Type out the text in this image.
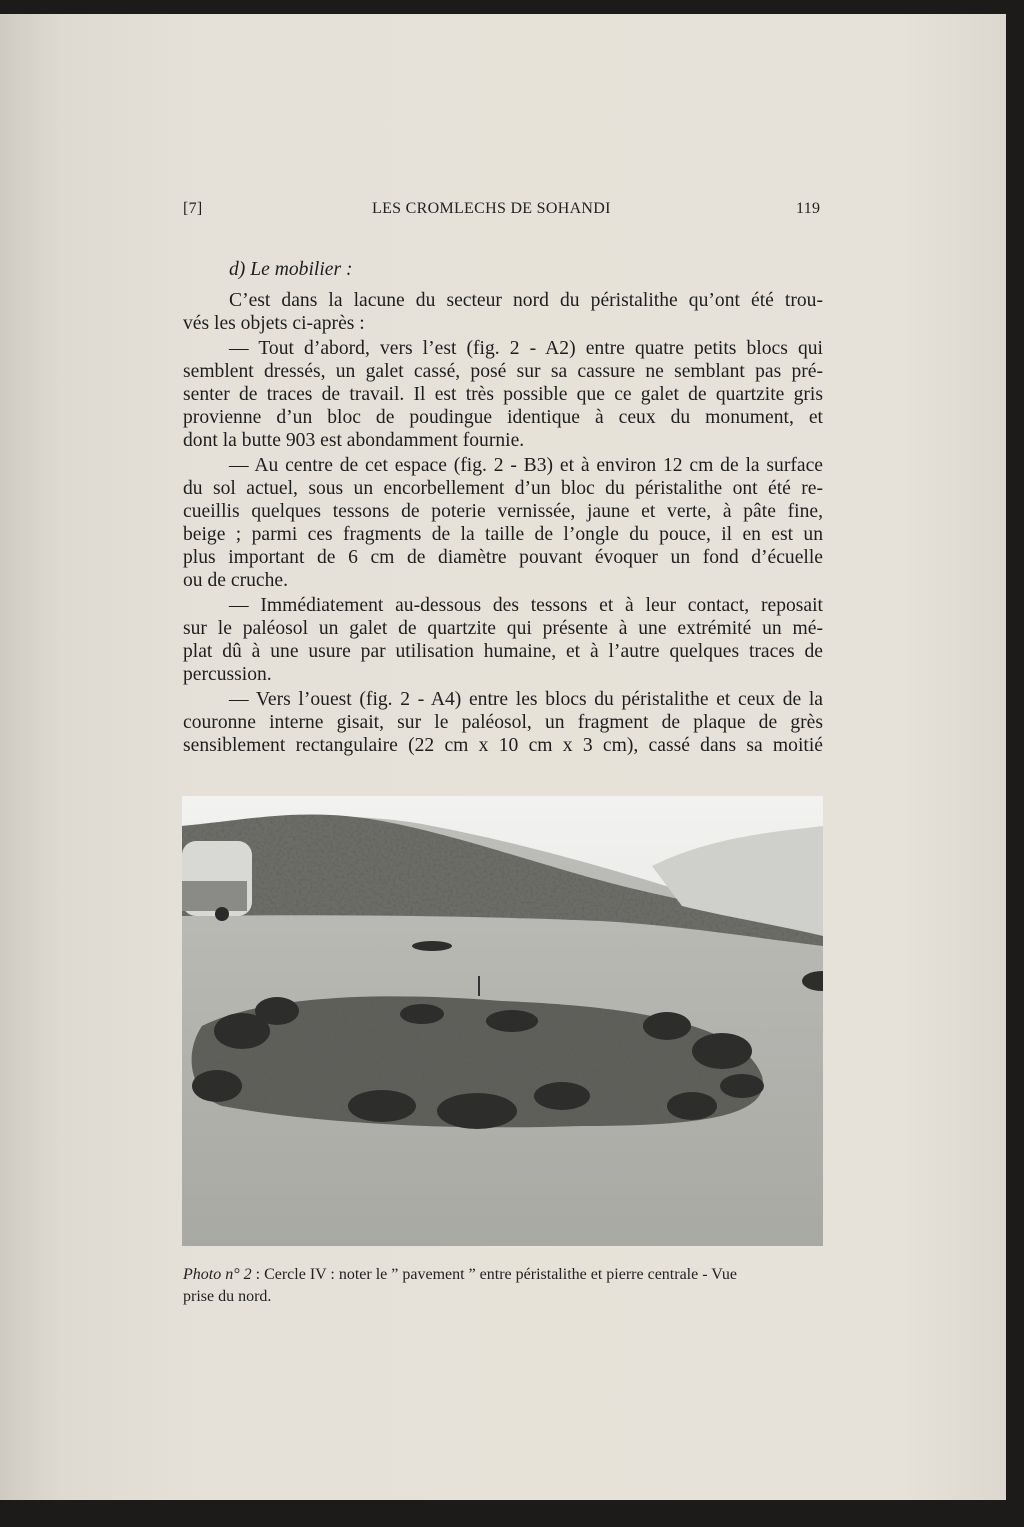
[7]	LES CROMLECHS DE SOHANDI	119
d) Le mobilier :
C’est dans la lacune du secteur nord du péristalithe qu’ont été trou-
vés les objets ci-après :
— Tout d’abord, vers l’est (fig. 2 - A2) entre quatre petits blocs qui
semblent dressés, un galet cassé, posé sur sa cassure ne semblant pas pré-
senter de traces de travail. Il est très possible que ce galet de quartzite gris
provienne d’un bloc de poudingue identique à ceux du monument, et
dont la butte 903 est abondamment fournie.
— Au centre de cet espace (fig. 2 - B3) et à environ 12 cm de la surface
du sol actuel, sous un encorbellement d’un bloc du péristalithe ont été re-
cueillis quelques tessons de poterie vernissée, jaune et verte, à pâte fine,
beige ; parmi ces fragments de la taille de l’ongle du pouce, il en est un
plus important de 6 cm de diamètre pouvant évoquer un fond d’écuelle
ou de cruche.
— Immédiatement au-dessous des tessons et à leur contact, reposait
sur le paléosol un galet de quartzite qui présente à une extrémité un mé-
plat dû à une usure par utilisation humaine, et à l’autre quelques traces de
percussion.
— Vers l’ouest (fig. 2 - A4) entre les blocs du péristalithe et ceux de la
couronne interne gisait, sur le paléosol, un fragment de plaque de grès
sensiblement rectangulaire (22 cm x 10 cm x 3 cm), cassé dans sa moitié
Photo n° 2 : Cercle IV : noter le ” pavement ” entre péristalithe et pierre centrale - Vue
prise du nord.
